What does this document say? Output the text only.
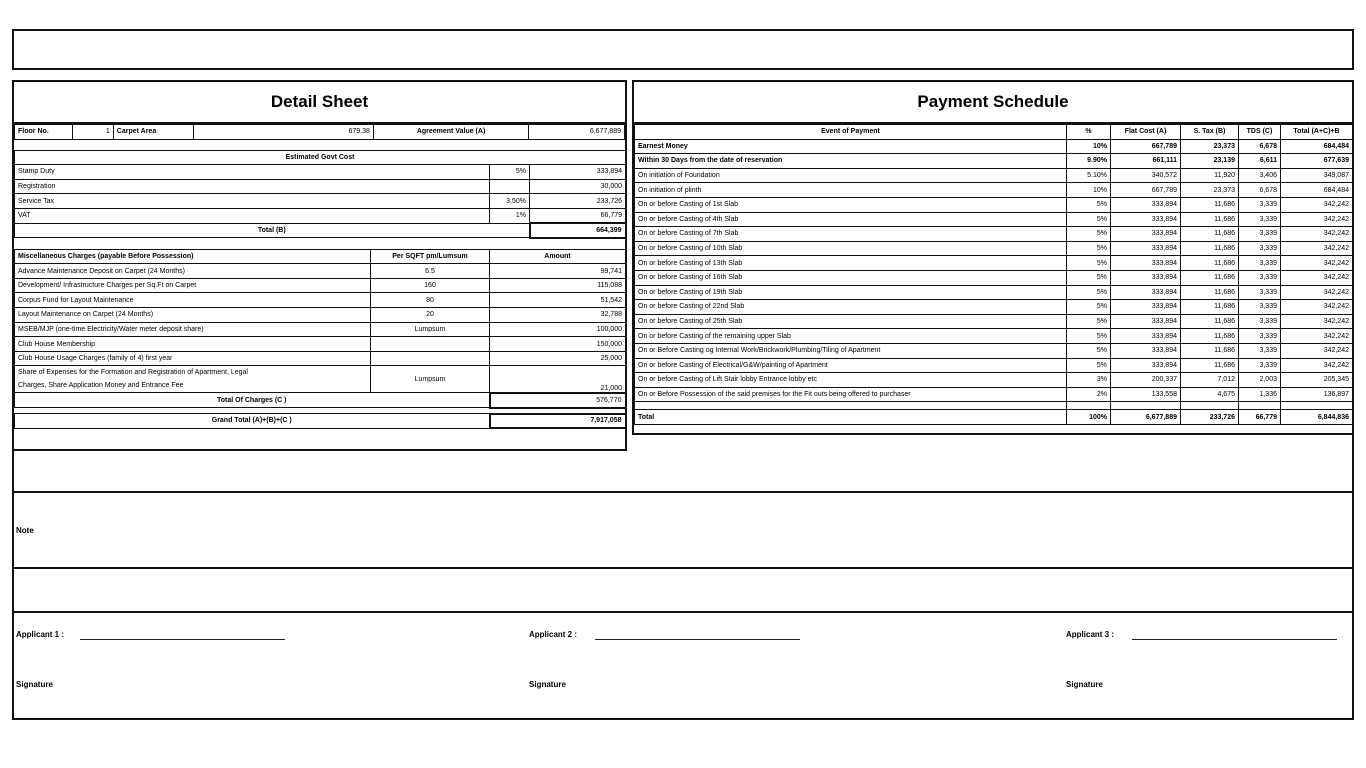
Detail Sheet
Floor No.	1	Carpet Area	679.38	Agreement Value (A)	6,677,889
Estimated Govt Cost		
Stamp Duty	5%	333,894
Registration		30,000
Service Tax	3.50%	233,726
VAT	1%	66,779
Total (B)		664,399
Miscellaneous Charges (payable Before Possession)	Per SQFT pm/Lumsum	Amount
Advance Maintenance Deposit on Carpet (24 Months)	6.5	99,741
Development/ Infrastructure Charges per Sq.Ft on Carpet	160	115,088
Corpus Fund for Layout Maintenance	80	51,542
Layout Maintenance on Carpet (24 Months)	20	32,788
MSEB/MJP (one-time Electricity/Water meter deposit share)	Lumpsum	100,000
Club House Membership		150,000
Club House Usage Charges (family of 4) first year		25,000

Share of Expenses for the Formation and Registration of Apartment, Legal
Charges, Share Application Money and Entrance Fee	Lumpsum	21,000
Total Of Charges (C )		576,770

Grand Total (A)+(B)+(C )		7,917,058
Payment Schedule
Event of Payment	%	Flat Cost (A)	S. Tax (B)	TDS (C)	Total (A+C)+B
Earnest Money	10%	667,789	23,373	6,678	684,484
Within 30 Days from the date of reservation	9.90%	661,111	23,139	6,611	677,639
On initiation of Foundation	5.10%	340,572	11,920	3,406	349,087
On initiation of plinth	10%	667,789	23,373	6,678	684,484
On or before Casting of 1st Slab	5%	333,894	11,686	3,339	342,242
On or before Casting of 4th Slab	5%	333,894	11,686	3,339	342,242
On or before Casting of 7th Slab	5%	333,894	11,686	3,339	342,242
On or before Casting of 10th Slab	5%	333,894	11,686	3,339	342,242
On or before Casting of 13th Slab	5%	333,894	11,686	3,339	342,242
On or before Casting of 16th Slab	5%	333,894	11,686	3,339	342,242
On or before Casting of 19th Slab	5%	333,894	11,686	3,339	342,242
On or before Casting of 22nd Slab	5%	333,894	11,686	3,339	342,242
On or before Casting of 25th Slab	5%	333,894	11,686	3,339	342,242
On or before Casting of the remaining upper Slab	5%	333,894	11,686	3,339	342,242
On or Before Casting og Internal Work/Brickwork/Plumbing/Tiling of Apartment	5%	333,894	11,686	3,339	342,242
On or before Casting of Electrical/G&W/painting of Apartment	5%	333,894	11,686	3,339	342,242
On or before Casting of Lift Stair lobby Entrance lobby etc	3%	200,337	7,012	2,003	205,345
On or Before Possession of the said premises for the Fit outs being offered to purchaser	2%	133,558	4,675	1,336	136,897

Total	100%	6,677,889	233,726	66,779	6,844,836
Note
Applicant 1 :	Applicant 2 :	Applicant 3 :
Signature	Signature	Signature
